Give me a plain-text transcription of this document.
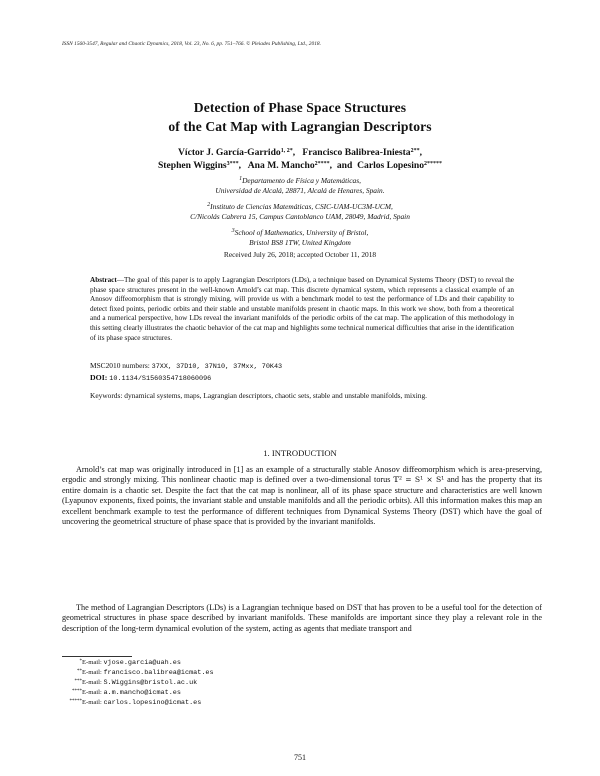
ISSN 1560-3547, Regular and Chaotic Dynamics, 2018, Vol. 23, No. 6, pp. 751–766. © Pleiades Publishing, Ltd., 2018.
Detection of Phase Space Structures
of the Cat Map with Lagrangian Descriptors
Víctor J. García-Garrido$^{1, 2*}$,   Francisco Balibrea-Iniesta$^{2**}$,
Stephen Wiggins$^{3***}$,   Ana M. Mancho$^{2****}$,  and Carlos Lopesino$^{2*****}$
$^1$Departamento de Física y Matemáticas,
Universidad de Alcalá, 28871, Alcalá de Henares, Spain.
$^2$Instituto de Ciencias Matemáticas, CSIC-UAM-UC3M-UCM,
C/Nicolás Cabrera 15, Campus Cantoblanco UAM, 28049, Madrid, Spain
$^3$School of Mathematics, University of Bristol,
Bristol BS8 1TW, United Kingdom
Received July 26, 2018; accepted October 11, 2018
Abstract—The goal of this paper is to apply Lagrangian Descriptors (LDs), a technique based on Dynamical Systems Theory (DST) to reveal the phase space structures present in the well-known Arnold’s cat map. This discrete dynamical system, which represents a classical example of an Anosov diffeomorphism that is strongly mixing, will provide us with a benchmark model to test the performance of LDs and their capability to detect fixed points, periodic orbits and their stable and unstable manifolds present in chaotic maps. In this work we show, both from a theoretical and a numerical perspective, how LDs reveal the invariant manifolds of the periodic orbits of the cat map. The application of this methodology in this setting clearly illustrates the chaotic behavior of the cat map and highlights some technical numerical difficulties that arise in the identification of its phase space structures.
MSC2010 numbers: 37XX, 37D10, 37N10, 37Mxx, 70K43
DOI: 10.1134/S1560354718060096
Keywords: dynamical systems, maps, Lagrangian descriptors, chaotic sets, stable and unstable manifolds, mixing.
1. INTRODUCTION
Arnold’s cat map was originally introduced in [1] as an example of a structurally stable Anosov diffeomorphism which is area-preserving, ergodic and strongly mixing. This nonlinear chaotic map is defined over a two-dimensional torus 𝕋² = S¹ × S¹ and has the property that its entire domain is a chaotic set. Despite the fact that the cat map is nonlinear, all of its phase space structure and characteristics are well known (Lyapunov exponents, fixed points, the invariant stable and unstable manifolds and all the periodic orbits). All this information makes this map an excellent benchmark example to test the performance of different techniques from Dynamical Systems Theory (DST) which have the goal of uncovering the geometrical structure of phase space that is provided by the invariant manifolds.
The method of Lagrangian Descriptors (LDs) is a Lagrangian technique based on DST that has proven to be a useful tool for the detection of geometrical structures in phase space described by invariant manifolds. These manifolds are important since they play a relevant role in the description of the long-term dynamical evolution of the system, acting as agents that mediate transport and
*E-mail: vjose.garcia@uah.es
**E-mail: francisco.balibrea@icmat.es
***E-mail: S.Wiggins@bristol.ac.uk
****E-mail: a.m.mancho@icmat.es
*****E-mail: carlos.lopesino@icmat.es
751
